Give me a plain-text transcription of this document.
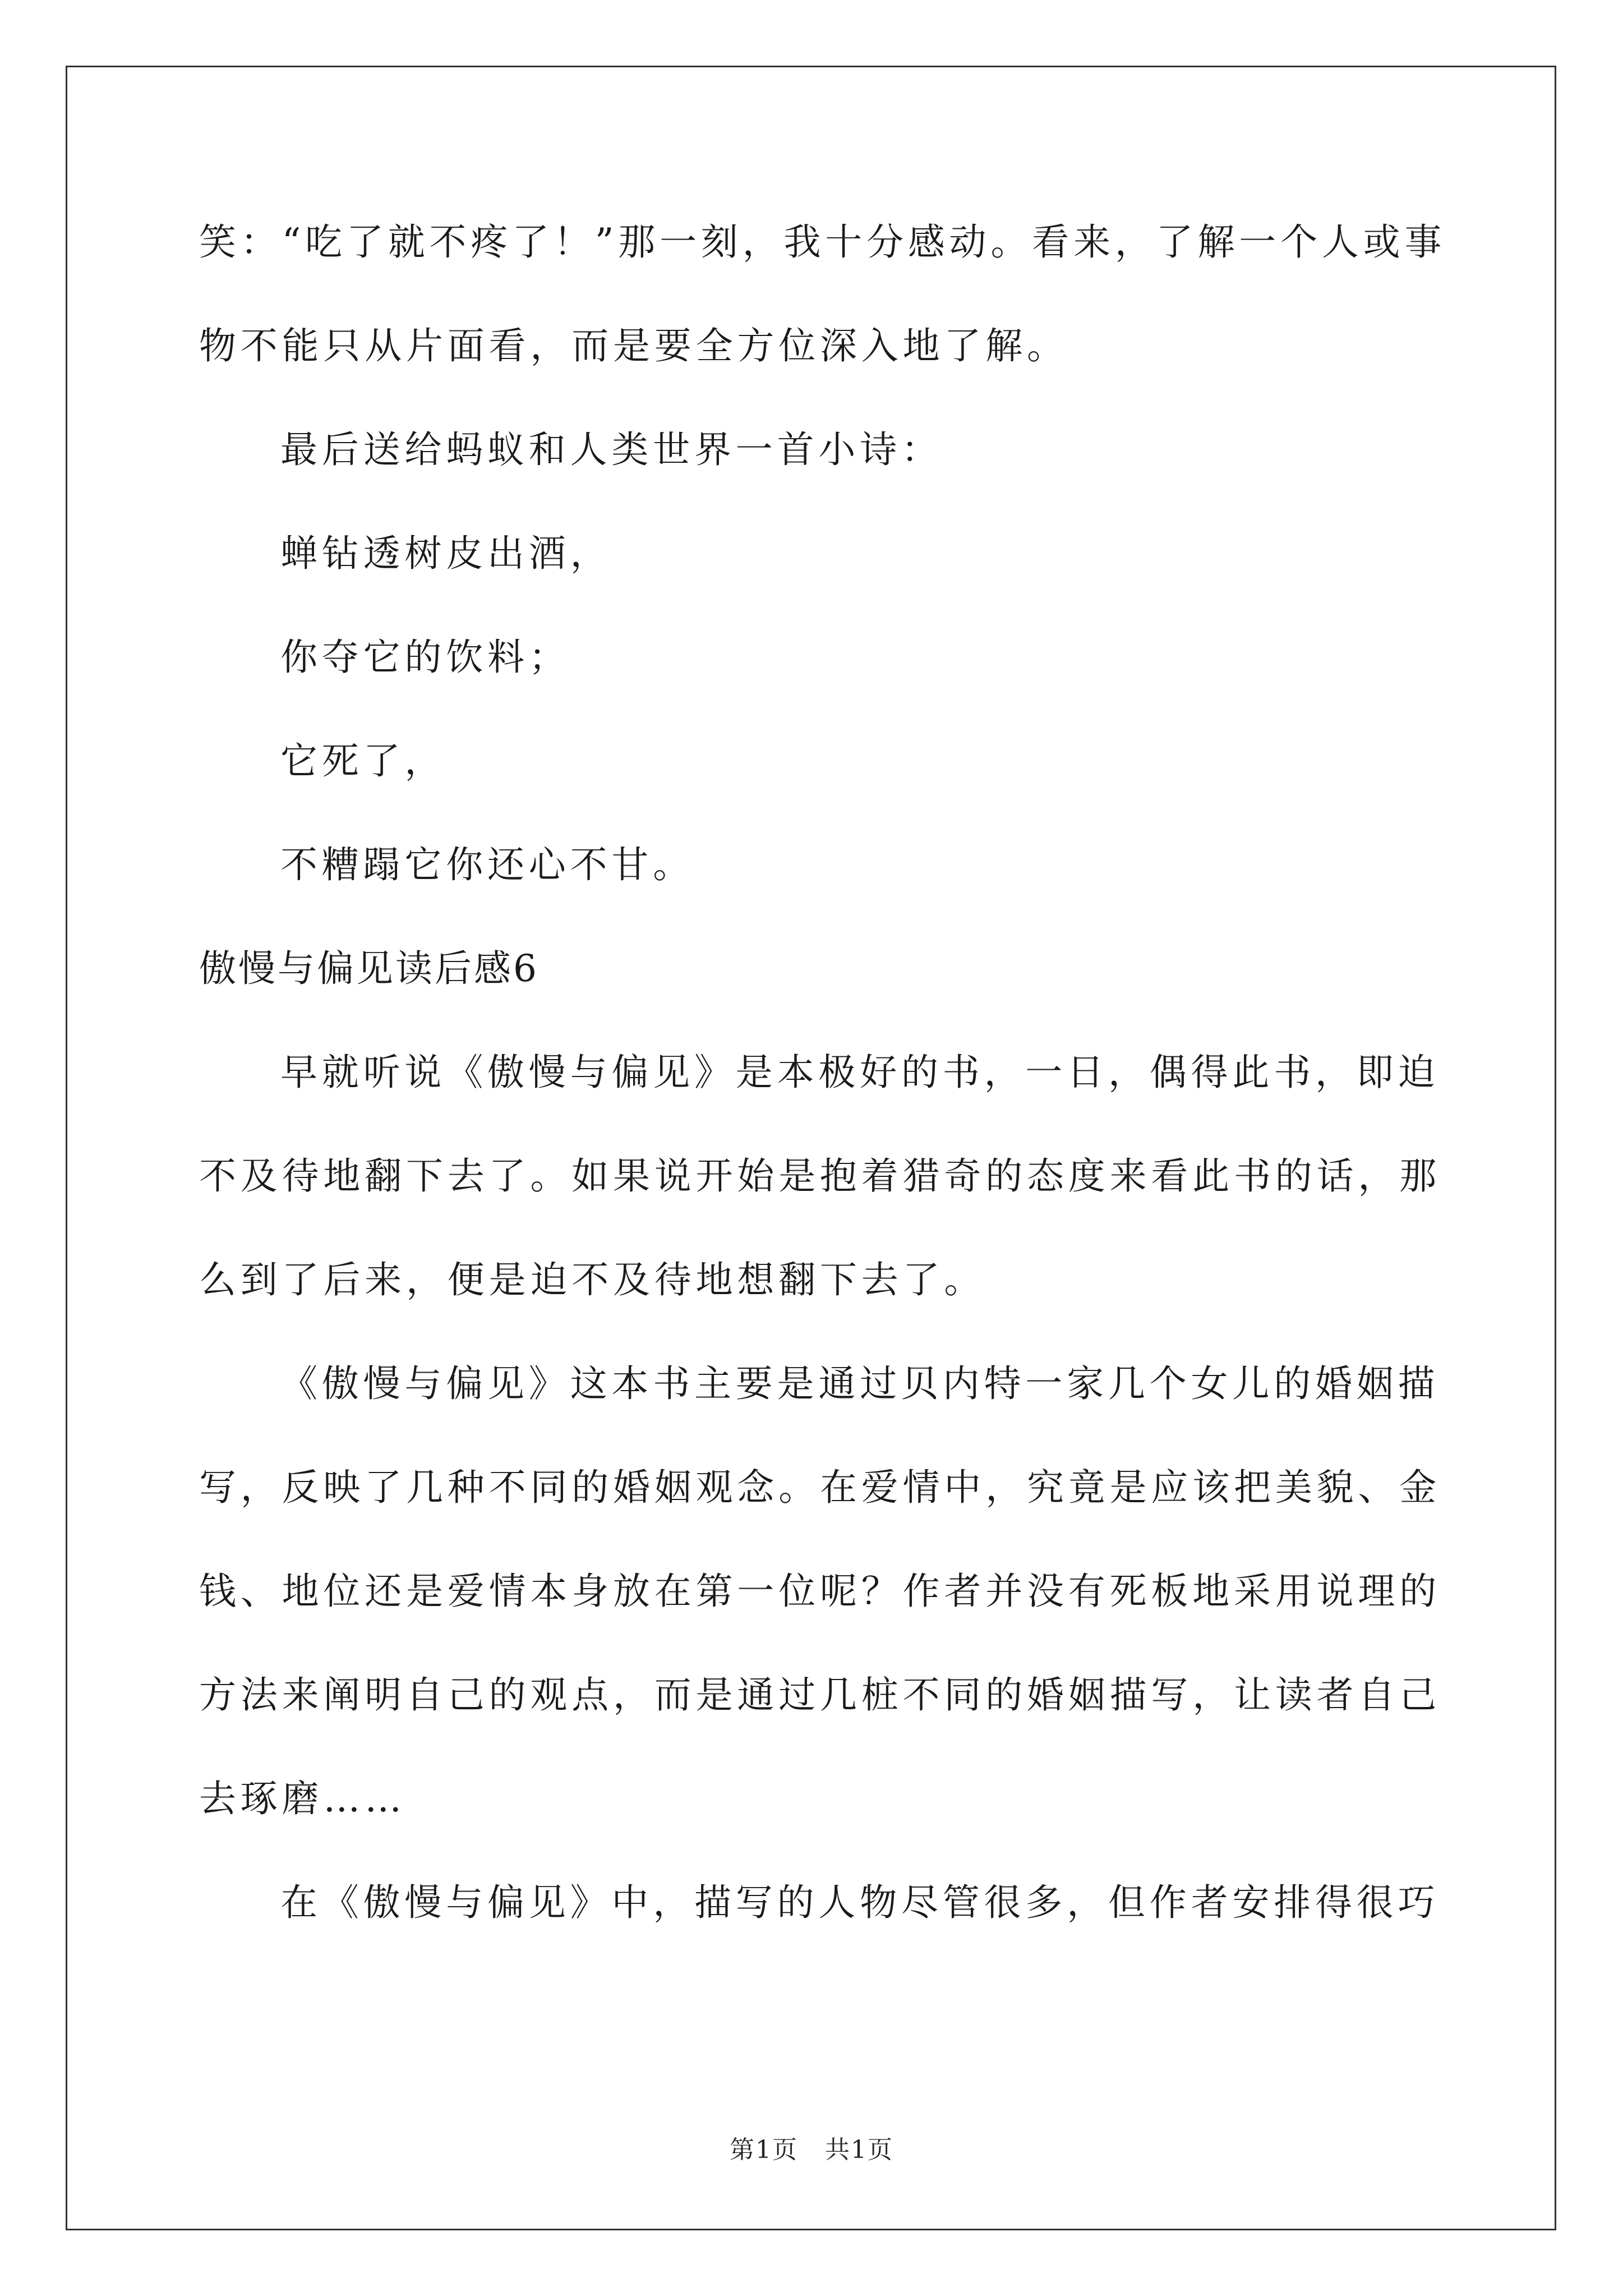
笑：“吃了就不疼了！”那一刻，我十分感动。看来，了解一个人或事
物不能只从片面看，而是要全方位深入地了解。
最后送给蚂蚁和人类世界一首小诗：
蝉钻透树皮出酒，
你夺它的饮料；
它死了，
不糟蹋它你还心不甘。
傲慢与偏见读后感6
早就听说《傲慢与偏见》是本极好的书，一日，偶得此书，即迫
不及待地翻下去了。如果说开始是抱着猎奇的态度来看此书的话，那
么到了后来，便是迫不及待地想翻下去了。
《傲慢与偏见》这本书主要是通过贝内特一家几个女儿的婚姻描
写，反映了几种不同的婚姻观念。在爱情中，究竟是应该把美貌、金
钱、地位还是爱情本身放在第一位呢？作者并没有死板地采用说理的
方法来阐明自己的观点，而是通过几桩不同的婚姻描写，让读者自己
去琢磨……
在《傲慢与偏见》中，描写的人物尽管很多，但作者安排得很巧
第1页   共1页
